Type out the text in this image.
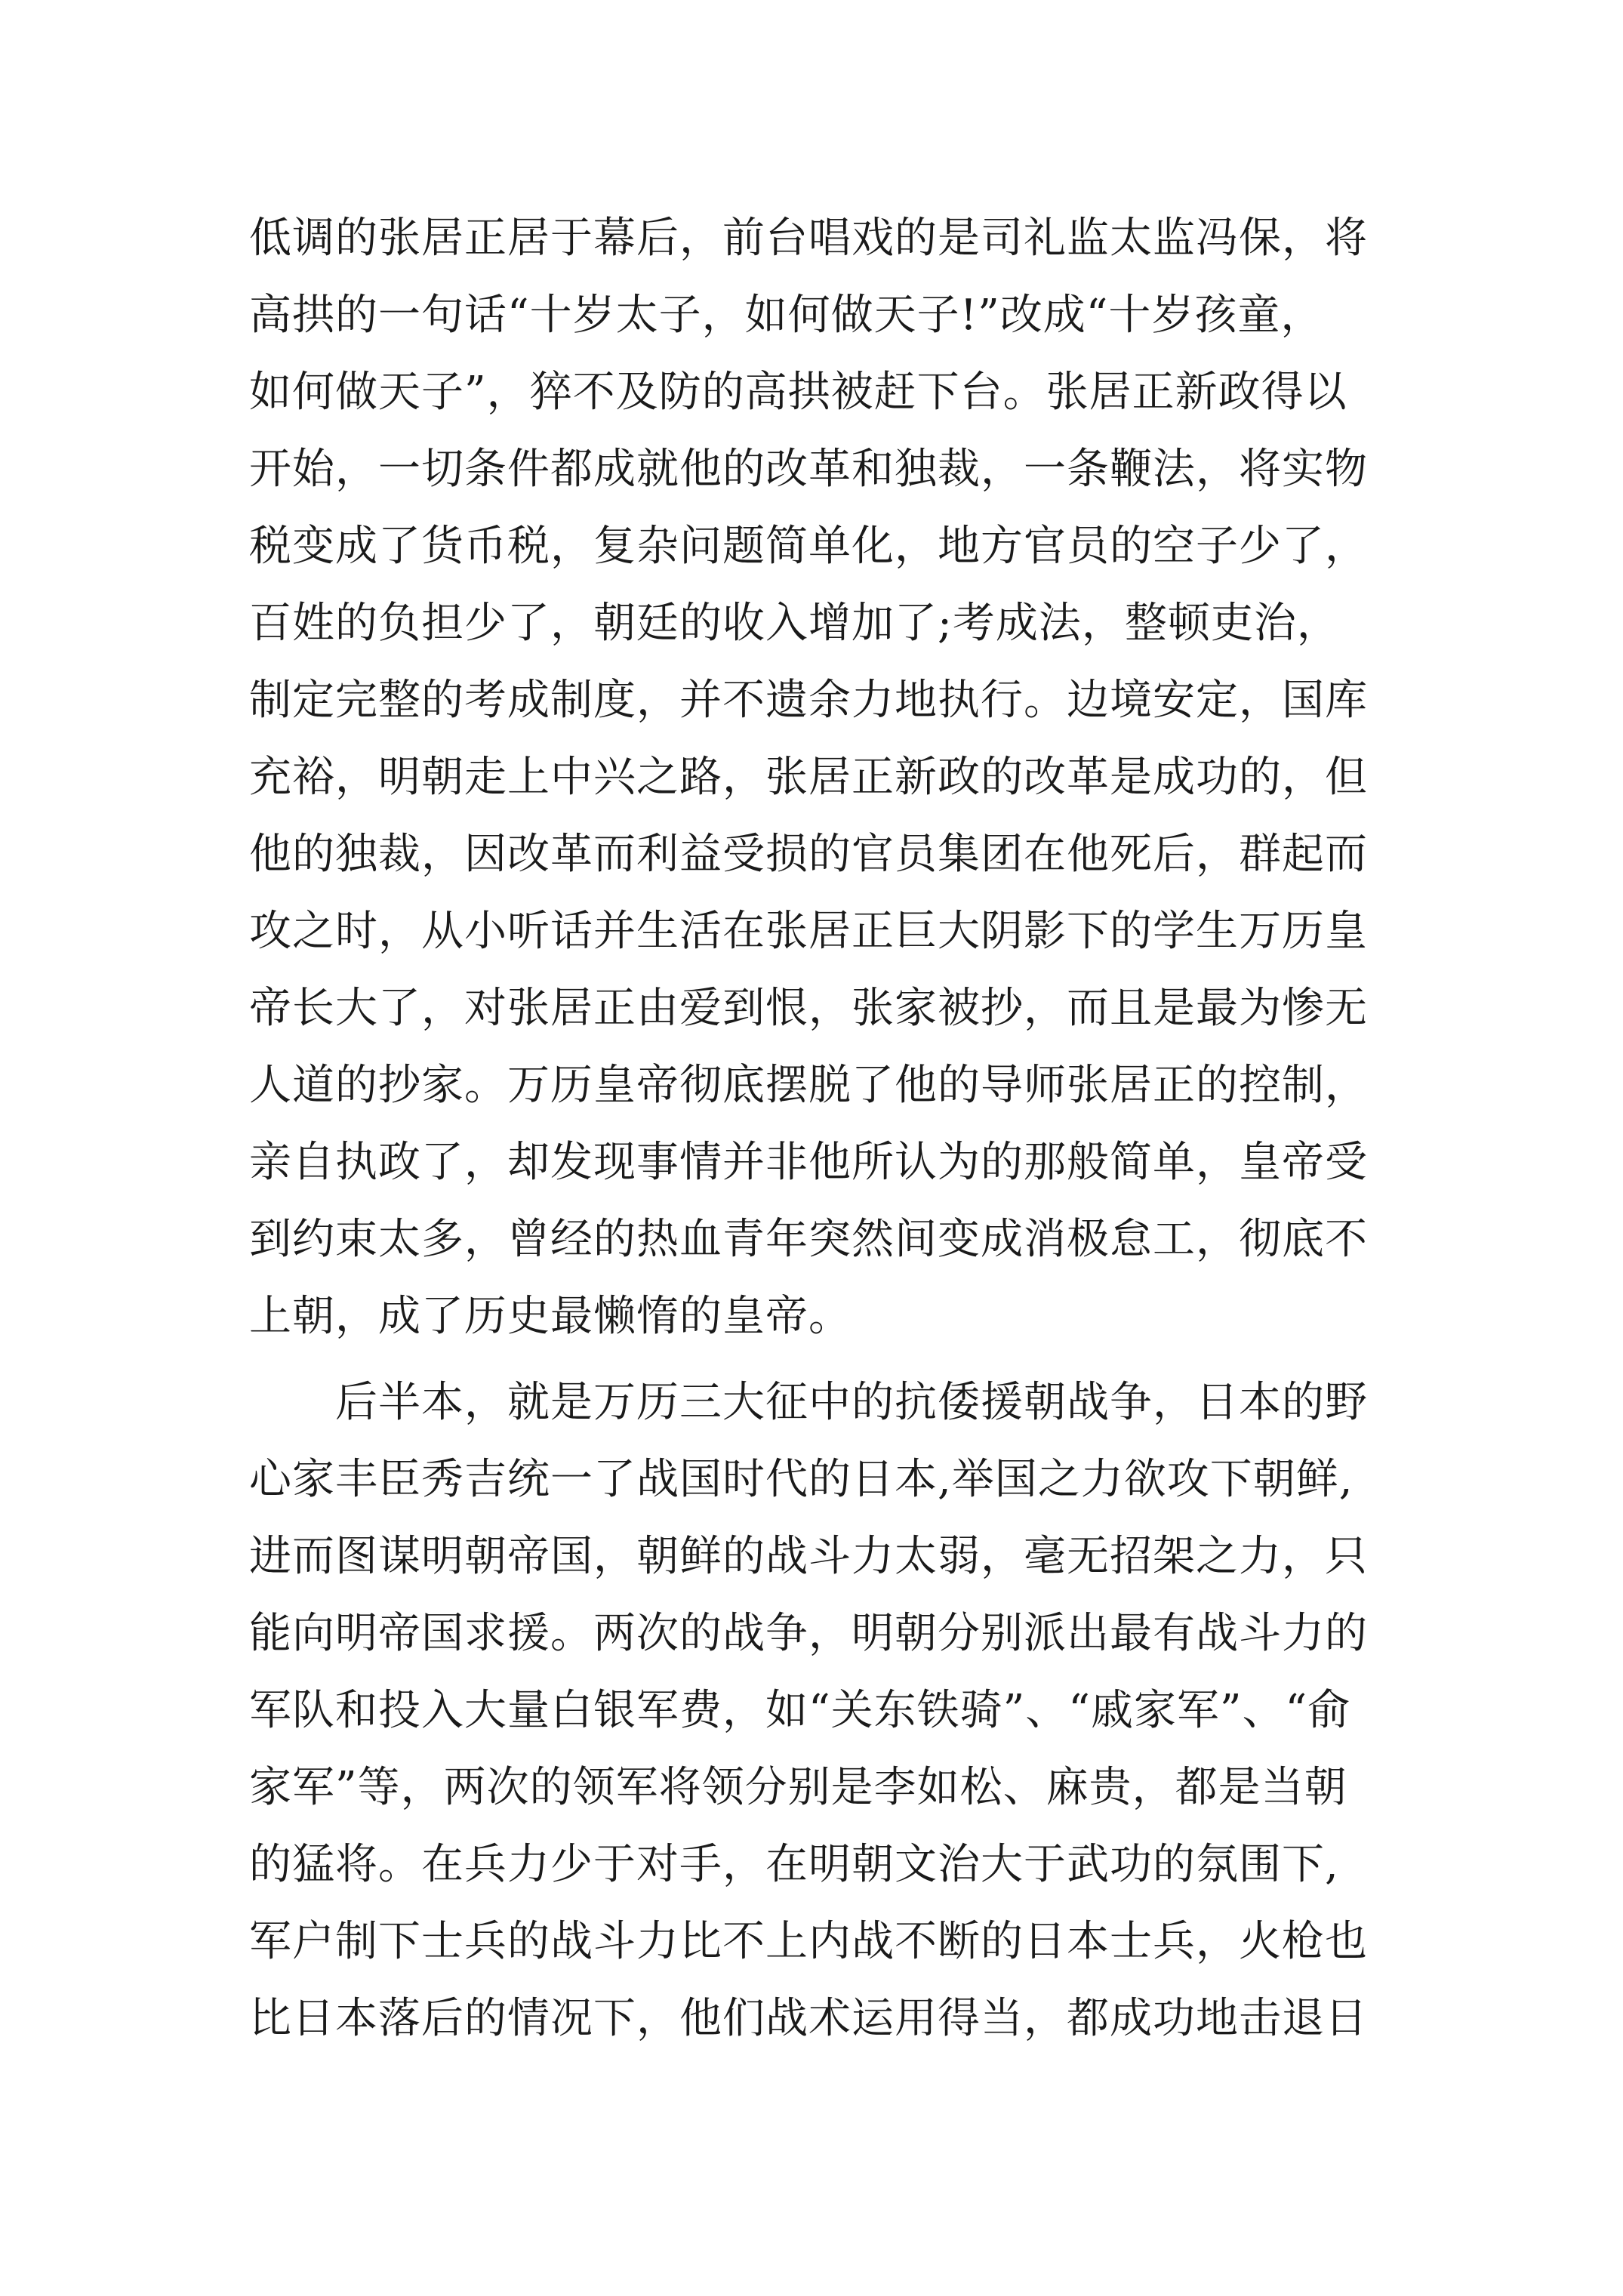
低调的张居正居于幕后，前台唱戏的是司礼监太监冯保，将
高拱的一句话“十岁太子，如何做天子!”改成“十岁孩童，
如何做天子”，猝不及防的高拱被赶下台。张居正新政得以
开始，一切条件都成就他的改革和独裁，一条鞭法，将实物
税变成了货币税，复杂问题简单化，地方官员的空子少了，
百姓的负担少了，朝廷的收入增加了;考成法，整顿吏治，
制定完整的考成制度，并不遗余力地执行。边境安定，国库
充裕，明朝走上中兴之路，张居正新政的改革是成功的，但
他的独裁，因改革而利益受损的官员集团在他死后，群起而
攻之时，从小听话并生活在张居正巨大阴影下的学生万历皇
帝长大了，对张居正由爱到恨，张家被抄，而且是最为惨无
人道的抄家。万历皇帝彻底摆脱了他的导师张居正的控制，
亲自执政了，却发现事情并非他所认为的那般简单，皇帝受
到约束太多，曾经的热血青年突然间变成消极怠工，彻底不
上朝，成了历史最懒惰的皇帝。
　　后半本，就是万历三大征中的抗倭援朝战争，日本的野
心家丰臣秀吉统一了战国时代的日本,举国之力欲攻下朝鲜,
进而图谋明朝帝国，朝鲜的战斗力太弱，毫无招架之力，只
能向明帝国求援。两次的战争，明朝分别派出最有战斗力的
军队和投入大量白银军费，如“关东铁骑”、“戚家军”、“俞
家军”等，两次的领军将领分别是李如松、麻贵，都是当朝
的猛将。在兵力少于对手，在明朝文治大于武功的氛围下,
军户制下士兵的战斗力比不上内战不断的日本士兵，火枪也
比日本落后的情况下，他们战术运用得当，都成功地击退日
